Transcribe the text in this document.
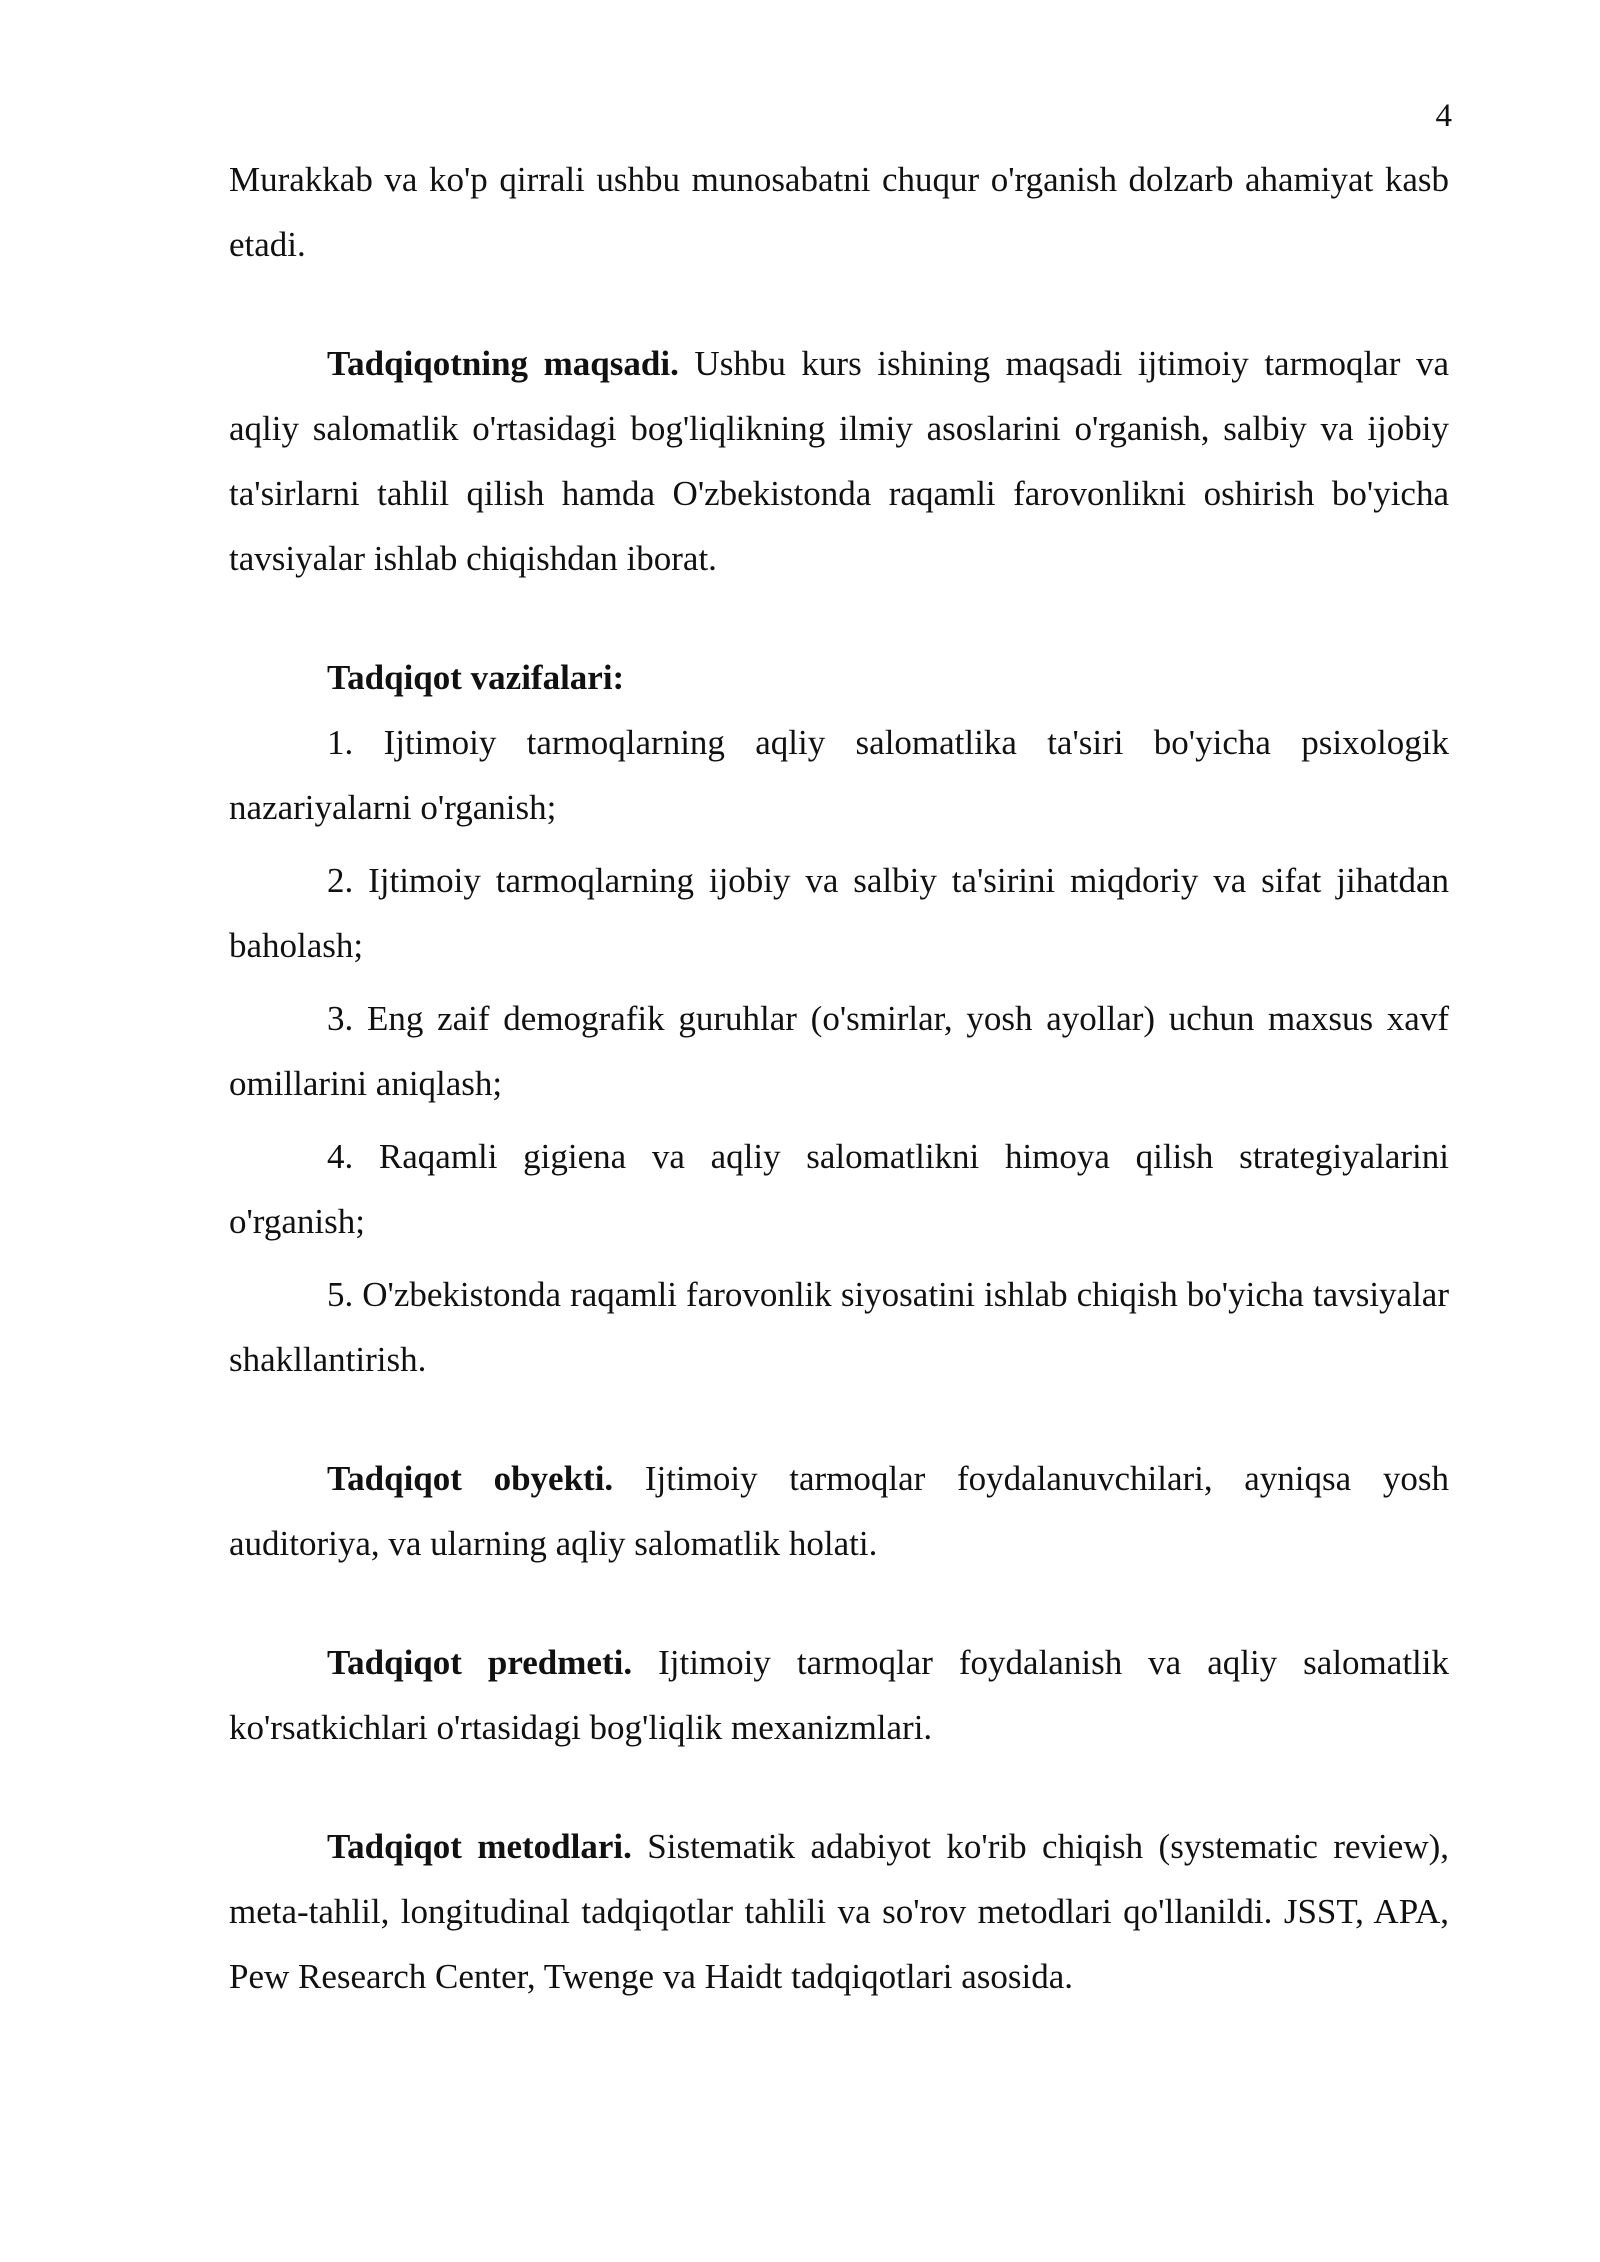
4

Murakkab va ko'p qirrali ushbu munosabatni chuqur o'rganish dolzarb ahamiyat kasb etadi.

Tadqiqotning maqsadi. Ushbu kurs ishining maqsadi ijtimoiy tarmoqlar va aqliy salomatlik o'rtasidagi bog'liqlikning ilmiy asoslarini o'rganish, salbiy va ijobiy ta'sirlarni tahlil qilish hamda O'zbekistonda raqamli farovonlikni oshirish bo'yicha tavsiyalar ishlab chiqishdan iborat.

Tadqiqot vazifalari:

1. Ijtimoiy tarmoqlarning aqliy salomatlika ta'siri bo'yicha psixologik nazariyalarni o'rganish;

2. Ijtimoiy tarmoqlarning ijobiy va salbiy ta'sirini miqdoriy va sifat jihatdan baholash;

3. Eng zaif demografik guruhlar (o'smirlar, yosh ayollar) uchun maxsus xavf omillarini aniqlash;

4. Raqamli gigiena va aqliy salomatlikni himoya qilish strategiyalarini o'rganish;

5. O'zbekistonda raqamli farovonlik siyosatini ishlab chiqish bo'yicha tavsiyalar shakllantirish.

Tadqiqot obyekti. Ijtimoiy tarmoqlar foydalanuvchilari, ayniqsa yosh auditoriya, va ularning aqliy salomatlik holati.

Tadqiqot predmeti. Ijtimoiy tarmoqlar foydalanish va aqliy salomatlik ko'rsatkichlari o'rtasidagi bog'liqlik mexanizmlari.

Tadqiqot metodlari. Sistematik adabiyot ko'rib chiqish (systematic review), meta-tahlil, longitudinal tadqiqotlar tahlili va so'rov metodlari qo'llanildi. JSST, APA, Pew Research Center, Twenge va Haidt tadqiqotlari asosida.
